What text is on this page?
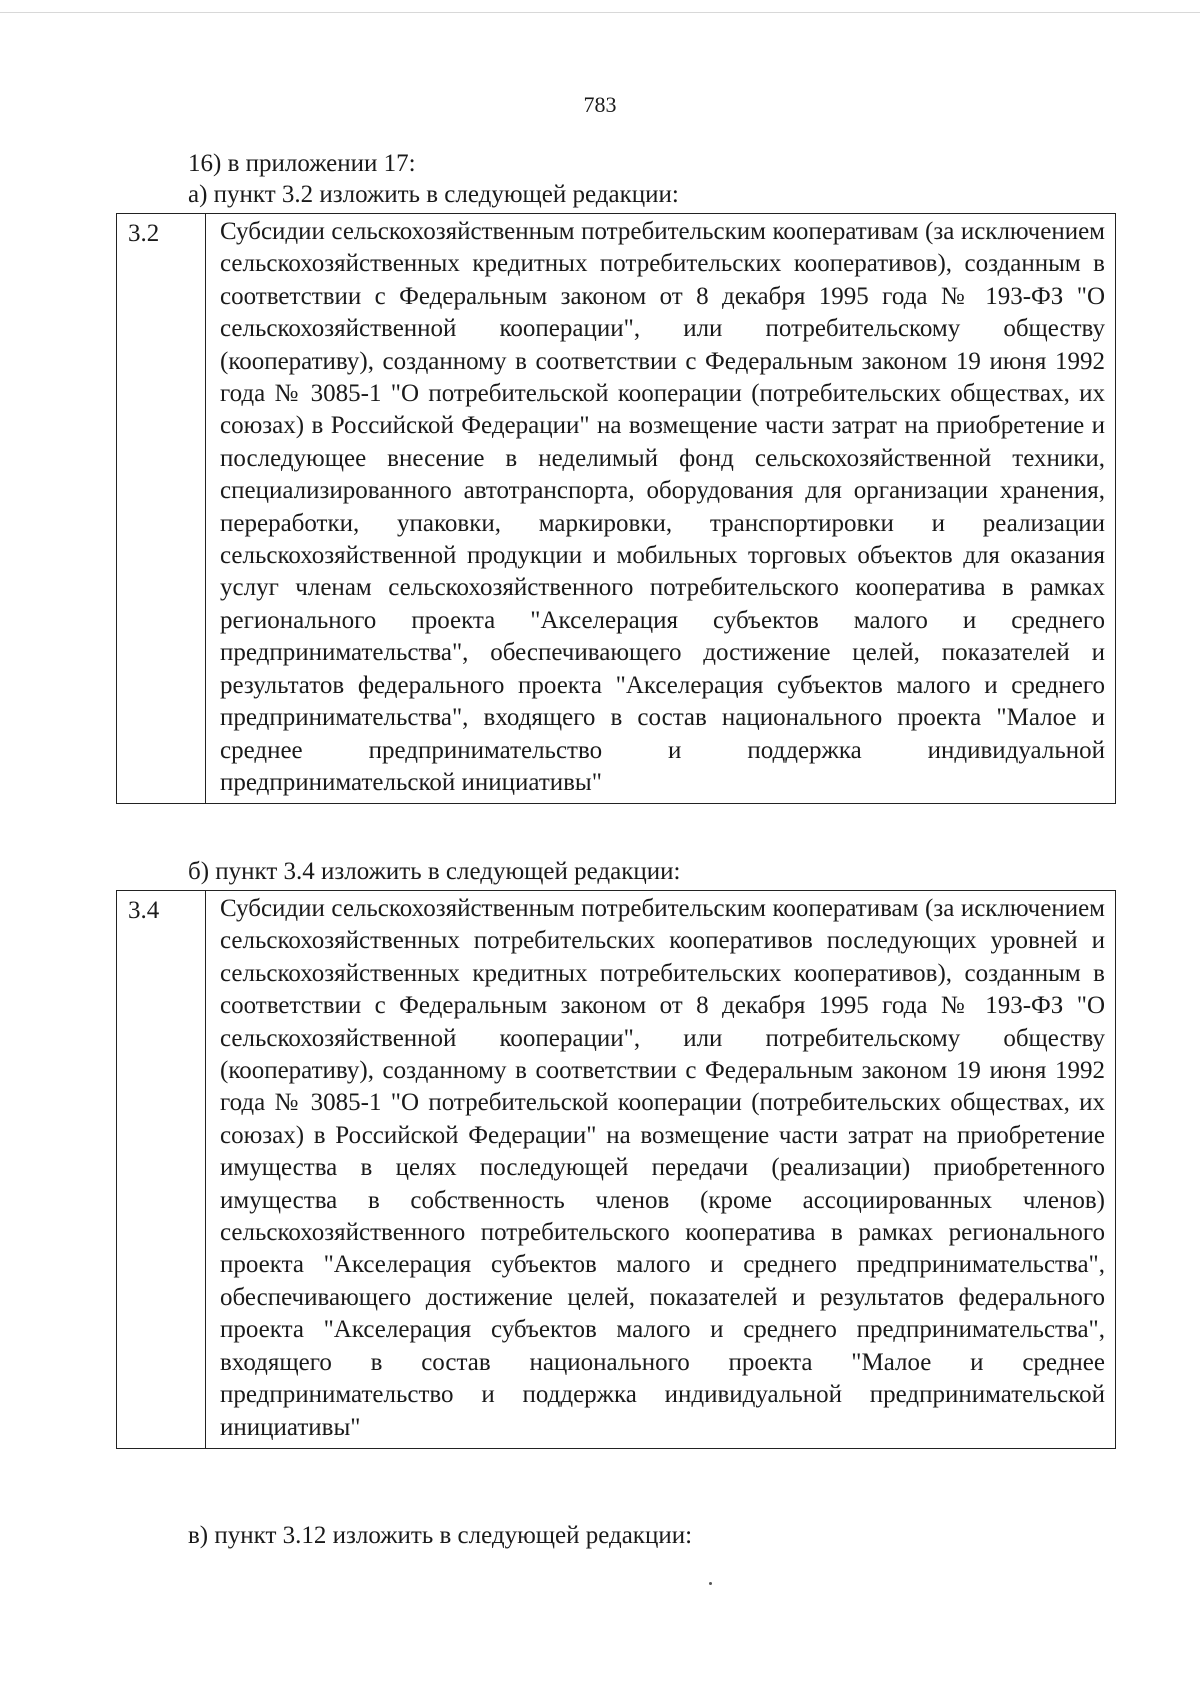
783
16) в приложении 17:
а) пункт 3.2 изложить в следующей редакции:
3.2	Субсидии сельскохозяйственным потребительским кооперативам (за исключением сельскохозяйственных кредитных потребительских кооперативов), созданным в соответствии с Федеральным законом от 8 декабря 1995 года № 193-ФЗ "О сельскохозяйственной кооперации", или потребительскому обществу (кооперативу), созданному в соответствии с Федеральным законом 19 июня 1992 года № 3085-1 "О потребительской кооперации (потребительских обществах, их союзах) в Российской Федерации" на возмещение части затрат на приобретение и последующее внесение в неделимый фонд сельскохозяйственной техники, специализированного автотранспорта, оборудования для организации хранения, переработки, упаковки, маркировки, транспортировки и реализации сельскохозяйственной продукции и мобильных торговых объектов для оказания услуг членам сельскохозяйственного потребительского кооператива в рамках регионального проекта "Акселерация субъектов малого и среднего предпринимательства", обеспечивающего достижение целей, показателей и результатов федерального проекта "Акселерация субъектов малого и среднего предпринимательства", входящего в состав национального проекта "Малое и среднее предпринимательство и поддержка индивидуальной предпринимательской инициативы"
б) пункт 3.4 изложить в следующей редакции:
3.4	Субсидии сельскохозяйственным потребительским кооперативам (за исключением сельскохозяйственных потребительских кооперативов последующих уровней и сельскохозяйственных кредитных потребительских кооперативов), созданным в соответствии с Федеральным законом от 8 декабря 1995 года № 193-ФЗ "О сельскохозяйственной кооперации", или потребительскому обществу (кооперативу), созданному в соответствии с Федеральным законом 19 июня 1992 года № 3085-1 "О потребительской кооперации (потребительских обществах, их союзах) в Российской Федерации" на возмещение части затрат на приобретение имущества в целях последующей передачи (реализации) приобретенного имущества в собственность членов (кроме ассоциированных членов) сельскохозяйственного потребительского кооператива в рамках регионального проекта "Акселерация субъектов малого и среднего предпринимательства", обеспечивающего достижение целей, показателей и результатов федерального проекта "Акселерация субъектов малого и среднего предпринимательства", входящего в состав национального проекта "Малое и среднее предпринимательство и поддержка индивидуальной предпринимательской инициативы"
в) пункт 3.12 изложить в следующей редакции:
